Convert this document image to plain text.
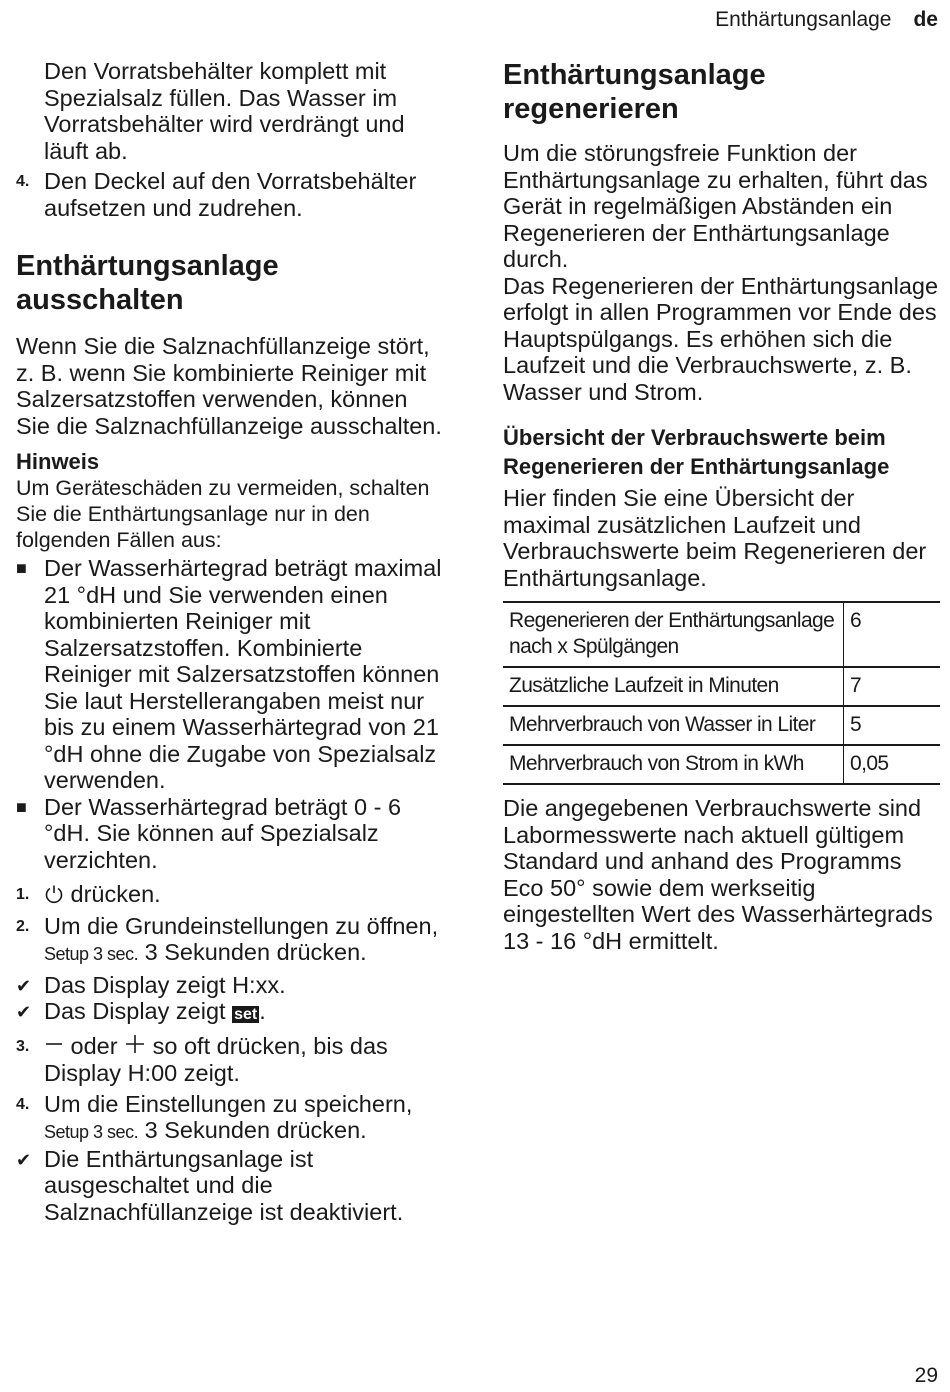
Enthärtungsanlage de

Den Vorratsbehälter komplett mit Spezialsalz füllen. Das Wasser im Vorratsbehälter wird verdrängt und läuft ab.

4. Den Deckel auf den Vorratsbehälter aufsetzen und zudrehen.
Enthärtungsanlage ausschalten

Wenn Sie die Salznachfüllanzeige stört, z. B. wenn Sie kombinierte Reiniger mit Salzersatzstoffen verwenden, können Sie die Salznachfüllanzeige ausschalten.

Hinweis

Um Geräteschäden zu vermeiden, schalten Sie die Enthärtungsanlage nur in den folgenden Fällen aus:

■ Der Wasserhärtegrad beträgt maximal 21 °dH und Sie verwenden einen kombinierten Reiniger mit Salzersatzstoffen. Kombinierte Reiniger mit Salzersatzstoffen können Sie laut Herstellerangaben meist nur bis zu einem Wasserhärtegrad von 21 °dH ohne die Zugabe von Spezialsalz verwenden.
■ Der Wasserhärtegrad beträgt 0 - 6 °dH. Sie können auf Spezialsalz verzichten.
1. drücken.
2. Um die Grundeinstellungen zu öffnen, Setup 3 sec. 3 Sekunden drücken.
✔ Das Display zeigt H:xx.
✔ Das Display zeigt set.
3. oder so oft drücken, bis das Display H:00 zeigt.
4. Um die Einstellungen zu speichern, Setup 3 sec. 3 Sekunden drücken.
✔ Die Enthärtungsanlage ist ausgeschaltet und die Salznachfüllanzeige ist deaktiviert.
Enthärtungsanlage regenerieren

Um die störungsfreie Funktion der Enthärtungsanlage zu erhalten, führt das Gerät in regelmäßigen Abständen ein Regenerieren der Enthärtungsanlage durch.

Das Regenerieren der Enthärtungsanlage erfolgt in allen Programmen vor Ende des Hauptspülgangs. Es erhöhen sich die Laufzeit und die Verbrauchswerte, z. B. Wasser und Strom.

Übersicht der Verbrauchswerte beim Regenerieren der Enthärtungsanlage

Hier finden Sie eine Übersicht der maximal zusätzlichen Laufzeit und Verbrauchswerte beim Regenerieren der Enthärtungsanlage.

Regenerieren der Enthärtungsanlage nach x Spülgängen	6
Zusätzliche Laufzeit in Minuten	7
Mehrverbrauch von Wasser in Liter	5
Mehrverbrauch von Strom in kWh	0,05

Die angegebenen Verbrauchswerte sind Labormesswerte nach aktuell gültigem Standard und anhand des Programms Eco 50° sowie dem werkseitig eingestellten Wert des Wasserhärtegrads 13 - 16 °dH ermittelt.

29
